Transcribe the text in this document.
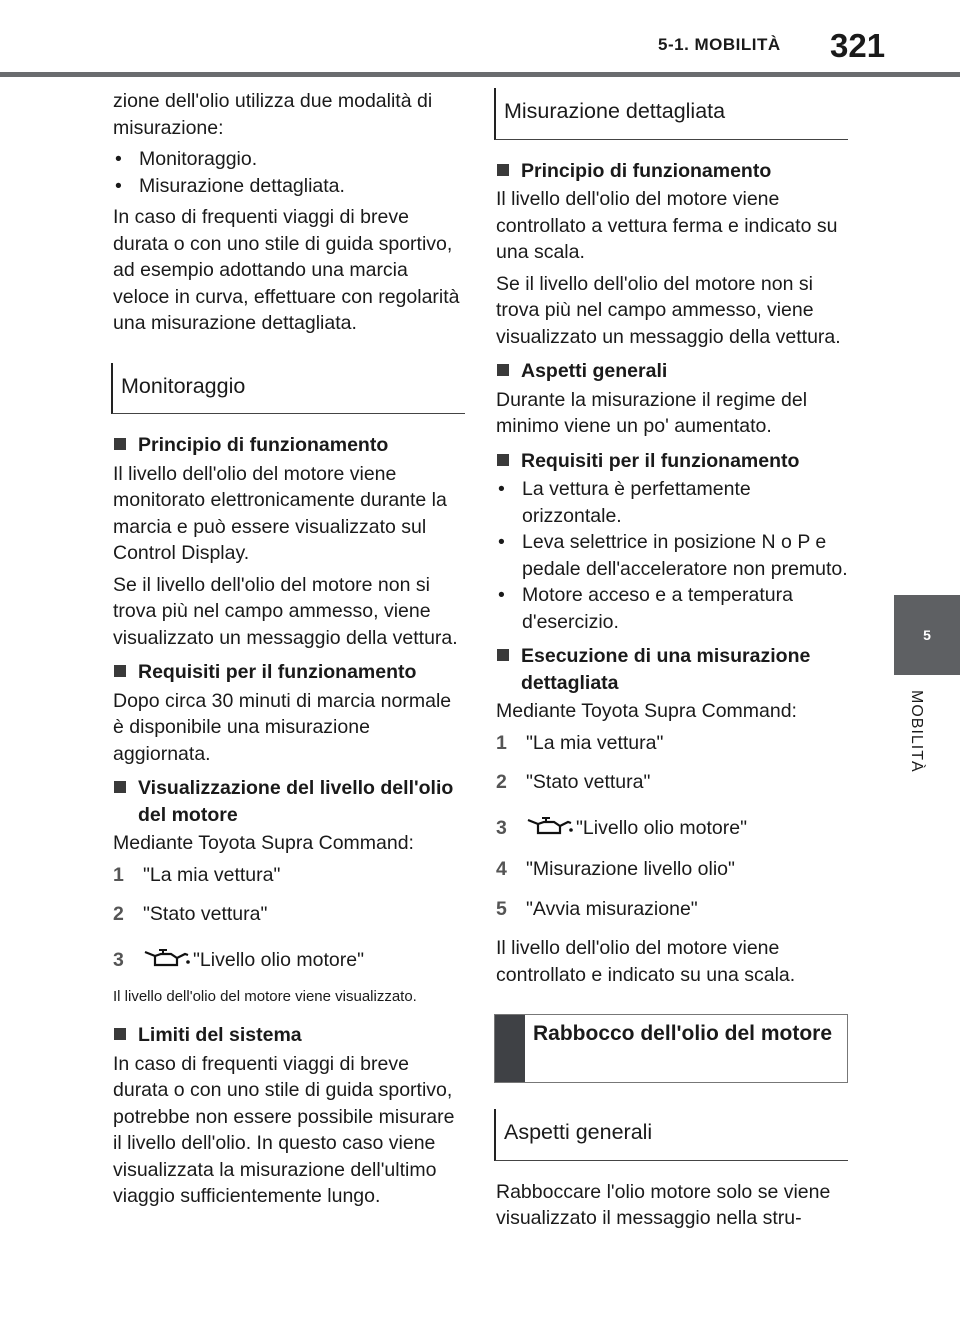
5-1. MOBILITÀ 321
5
MOBILITÀ

zione dell'olio utilizza due modalità di misurazione:

• Monitoraggio.
• Misurazione dettagliata.

In caso di frequenti viaggi di breve durata o con uno stile di guida sportivo, ad esempio adottando una marcia veloce in curva, effettuare con regolarità una misurazione dettagliata.

Monitoraggio
Principio di funzionamento

Il livello dell'olio del motore viene monitorato elettronicamente durante la marcia e può essere visualizzato sul Control Display.

Se il livello dell'olio del motore non si trova più nel campo ammesso, viene visualizzato un messaggio della vettura.

Requisiti per il funzionamento

Dopo circa 30 minuti di marcia normale è disponibile una misurazione aggiornata.

Visualizzazione del livello dell'olio del motore

Mediante Toyota Supra Command:

1 "La mia vettura"
2 "Stato vettura"
3	"Livello olio motore"

Il livello dell'olio del motore viene visualizzato.

Limiti del sistema

In caso di frequenti viaggi di breve durata o con uno stile di guida sportivo, potrebbe non essere possibile misurare il livello dell'olio. In questo caso viene visualizzata la misurazione dell'ultimo viaggio sufficientemente lungo.

Misurazione dettagliata
Principio di funzionamento

Il livello dell'olio del motore viene controllato a vettura ferma e indicato su una scala.

Se il livello dell'olio del motore non si trova più nel campo ammesso, viene visualizzato un messaggio della vettura.

Aspetti generali

Durante la misurazione il regime del minimo viene un po' aumentato.

Requisiti per il funzionamento
• La vettura è perfettamente orizzontale.
• Leva selettrice in posizione N o P e pedale dell'acceleratore non premuto.
• Motore acceso e a temperatura d'esercizio.
Esecuzione di una misurazione dettagliata

Mediante Toyota Supra Command:

1 "La mia vettura"
2 "Stato vettura"
3	"Livello olio motore"
4 "Misurazione livello olio"
5 "Avvia misurazione"

Il livello dell'olio del motore viene controllato e indicato su una scala.

Rabbocco dell'olio del motore
Aspetti generali

Rabboccare l'olio motore solo se viene visualizzato il messaggio nella stru-
